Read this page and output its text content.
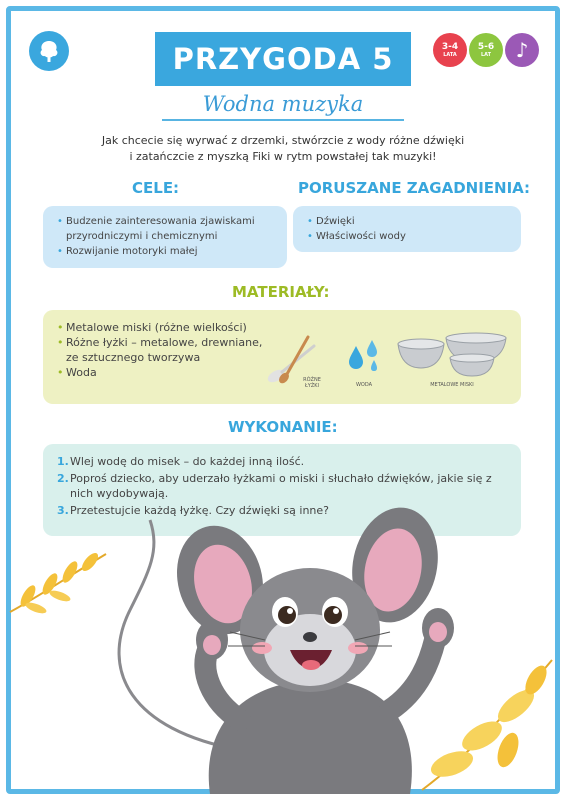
PRZYGODA 5	3-4
LATA
5-6
LAT ♪
Wodna muzyka
Jak chcecie się wyrwać z drzemki, stwórzcie z wody różne dźwięki
i zatańczcie z myszką Fiki w rytm powstałej tak muzyki!
CELE:
• Budzenie zainteresowania zjawiskami przyrodniczymi i chemicznymi
• Rozwijanie motoryki małej
PORUSZANE ZAGADNIENIA:
• Dźwięki
• Właściwości wody
MATERIAŁY:
• Metalowe miski (różne wielkości)
• Różne łyżki – metalowe, drewniane, ze sztucznego tworzywa
• Woda
RÓŻNE ŁYŻKI	WODA	METALOWE MISKI
WYKONANIE:
1. Wlej wodę do misek – do każdej inną ilość.
2. Poproś dziecko, aby uderzało łyżkami o miski i słuchało dźwięków, jakie się z nich wydobywają.
3. Przetestujcie każdą łyżkę. Czy dźwięki są inne?
